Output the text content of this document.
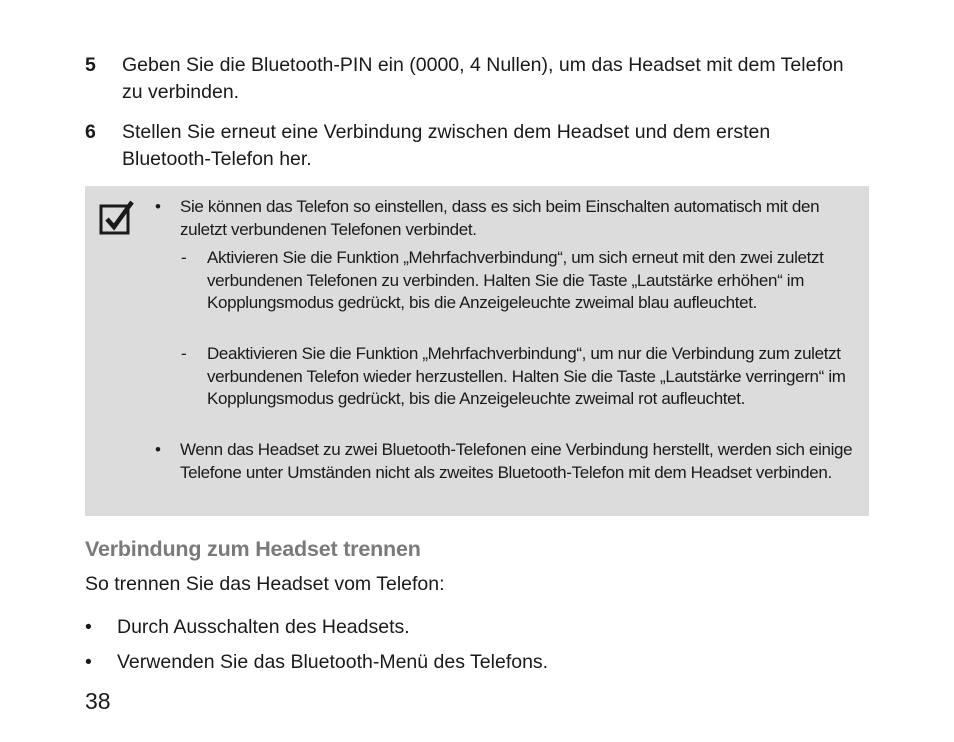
5	Geben Sie die Bluetooth-PIN ein (0000, 4 Nullen), um das Headset mit dem Telefon zu verbinden.
6	Stellen Sie erneut eine Verbindung zwischen dem Headset und dem ersten Bluetooth-Telefon her.
• Sie können das Telefon so einstellen, dass es sich beim Einschalten automatisch mit den zuletzt verbundenen Telefonen verbindet.
- Aktivieren Sie die Funktion „Mehrfachverbindung“, um sich erneut mit den zwei zuletzt verbundenen Telefonen zu verbinden. Halten Sie die Taste „Lautstärke erhöhen“ im Kopplungsmodus gedrückt, bis die Anzeigeleuchte zweimal blau aufleuchtet.
- Deaktivieren Sie die Funktion „Mehrfachverbindung“, um nur die Verbindung zum zuletzt verbundenen Telefon wieder herzustellen. Halten Sie die Taste „Lautstärke verringern“ im Kopplungsmodus gedrückt, bis die Anzeigeleuchte zweimal rot aufleuchtet.
• Wenn das Headset zu zwei Bluetooth-Telefonen eine Verbindung herstellt, werden sich einige Telefone unter Umständen nicht als zweites Bluetooth-Telefon mit dem Headset verbinden.
Verbindung zum Headset trennen
So trennen Sie das Headset vom Telefon:
• Durch Ausschalten des Headsets.
• Verwenden Sie das Bluetooth-Menü des Telefons.
38
